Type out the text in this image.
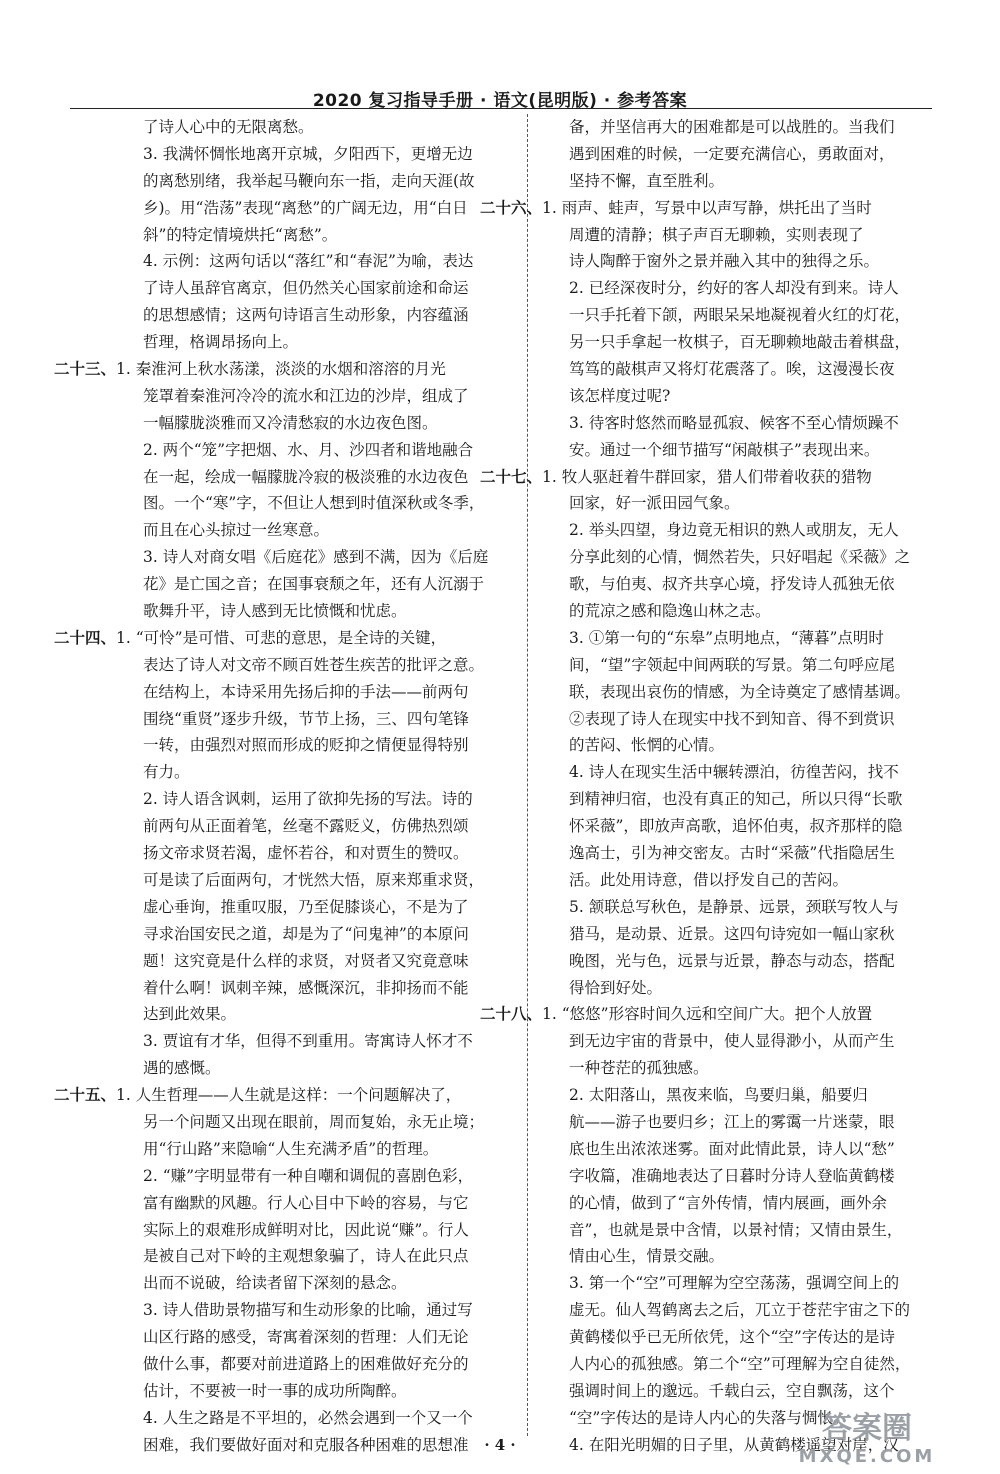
2020 复习指导手册 · 语文(昆明版) · 参考答案
了诗人心中的无限离愁。
3. 我满怀惆怅地离开京城，夕阳西下，更增无边
的离愁别绪，我举起马鞭向东一指，走向天涯(故
乡)。用“浩荡”表现“离愁”的广阔无边，用“白日
斜”的特定情境烘托“离愁”。
4. 示例：这两句话以“落红”和“春泥”为喻，表达
了诗人虽辞官离京，但仍然关心国家前途和命运
的思想感情；这两句诗语言生动形象，内容蕴涵
哲理，格调昂扬向上。
二十三、1. 秦淮河上秋水荡漾，淡淡的水烟和溶溶的月光
笼罩着秦淮河冷冷的流水和江边的沙岸，组成了
一幅朦胧淡雅而又冷清愁寂的水边夜色图。
2. 两个“笼”字把烟、水、月、沙四者和谐地融合
在一起，绘成一幅朦胧冷寂的极淡雅的水边夜色
图。一个“寒”字，不但让人想到时值深秋或冬季，
而且在心头掠过一丝寒意。
3. 诗人对商女唱《后庭花》感到不满，因为《后庭
花》是亡国之音；在国事衰颓之年，还有人沉溺于
歌舞升平，诗人感到无比愤慨和忧虑。
二十四、1. “可怜”是可惜、可悲的意思，是全诗的关键，
表达了诗人对文帝不顾百姓苍生疾苦的批评之意。
在结构上，本诗采用先扬后抑的手法——前两句
围绕“重贤”逐步升级，节节上扬，三、四句笔锋
一转，由强烈对照而形成的贬抑之情便显得特别
有力。
2. 诗人语含讽刺，运用了欲抑先扬的写法。诗的
前两句从正面着笔，丝毫不露贬义，仿佛热烈颂
扬文帝求贤若渴，虚怀若谷，和对贾生的赞叹。
可是读了后面两句，才恍然大悟，原来郑重求贤，
虚心垂询，推重叹服，乃至促膝谈心，不是为了
寻求治国安民之道，却是为了“问鬼神”的本原问
题！这究竟是什么样的求贤，对贤者又究竟意味
着什么啊！讽刺辛辣，感慨深沉，非抑扬而不能
达到此效果。
3. 贾谊有才华，但得不到重用。寄寓诗人怀才不
遇的感慨。
二十五、1. 人生哲理——人生就是这样：一个问题解决了，
另一个问题又出现在眼前，周而复始，永无止境；
用“行山路”来隐喻“人生充满矛盾”的哲理。
2. “赚”字明显带有一种自嘲和调侃的喜剧色彩，
富有幽默的风趣。行人心目中下岭的容易，与它
实际上的艰难形成鲜明对比，因此说“赚”。行人
是被自己对下岭的主观想象骗了，诗人在此只点
出而不说破，给读者留下深刻的悬念。
3. 诗人借助景物描写和生动形象的比喻，通过写
山区行路的感受，寄寓着深刻的哲理：人们无论
做什么事，都要对前进道路上的困难做好充分的
估计，不要被一时一事的成功所陶醉。
4. 人生之路是不平坦的，必然会遇到一个又一个
困难，我们要做好面对和克服各种困难的思想准
备，并坚信再大的困难都是可以战胜的。当我们
遇到困难的时候，一定要充满信心，勇敢面对，
坚持不懈，直至胜利。
二十六、1. 雨声、蛙声，写景中以声写静，烘托出了当时
周遭的清静；棋子声百无聊赖，实则表现了
诗人陶醉于窗外之景并融入其中的独得之乐。
2. 已经深夜时分，约好的客人却没有到来。诗人
一只手托着下颌，两眼呆呆地凝视着火红的灯花，
另一只手拿起一枚棋子，百无聊赖地敲击着棋盘，
笃笃的敲棋声又将灯花震落了。唉，这漫漫长夜
该怎样度过呢?
3. 待客时悠然而略显孤寂、候客不至心情烦躁不
安。通过一个细节描写“闲敲棋子”表现出来。
二十七、1. 牧人驱赶着牛群回家，猎人们带着收获的猎物
回家，好一派田园气象。
2. 举头四望，身边竟无相识的熟人或朋友，无人
分享此刻的心情，惆然若失，只好唱起《采薇》之
歌，与伯夷、叔齐共享心境，抒发诗人孤独无依
的荒凉之感和隐逸山林之志。
3. ①第一句的“东皋”点明地点，“薄暮”点明时
间，“望”字领起中间两联的写景。第二句呼应尾
联，表现出哀伤的情感，为全诗奠定了感情基调。
②表现了诗人在现实中找不到知音、得不到赏识
的苦闷、怅惘的心情。
4. 诗人在现实生活中辗转漂泊，彷徨苦闷，找不
到精神归宿，也没有真正的知己，所以只得“长歌
怀采薇”，即放声高歌，追怀伯夷，叔齐那样的隐
逸高士，引为神交密友。古时“采薇”代指隐居生
活。此处用诗意，借以抒发自己的苦闷。
5. 颔联总写秋色，是静景、远景，颈联写牧人与
猎马，是动景、近景。这四句诗宛如一幅山家秋
晚图，光与色，远景与近景，静态与动态，搭配
得恰到好处。
二十八、1. “悠悠”形容时间久远和空间广大。把个人放置
到无边宇宙的背景中，使人显得渺小，从而产生
一种苍茫的孤独感。
2. 太阳落山，黑夜来临，鸟要归巢，船要归
航——游子也要归乡；江上的雾霭一片迷蒙，眼
底也生出浓浓迷雾。面对此情此景，诗人以“愁”
字收篇，准确地表达了日暮时分诗人登临黄鹤楼
的心情，做到了“言外传情，情内展画，画外余
音”，也就是景中含情，以景衬情；又情由景生，
情由心生，情景交融。
3. 第一个“空”可理解为空空荡荡，强调空间上的
虚无。仙人驾鹤离去之后，兀立于苍茫宇宙之下的
黄鹤楼似乎已无所依凭，这个“空”字传达的是诗
人内心的孤独感。第二个“空”可理解为空自徒然，
强调时间上的邈远。千载白云，空自飘荡，这个
“空”字传达的是诗人内心的失落与惆怅。
4. 在阳光明媚的日子里，从黄鹤楼遥望对岸，汉
· 4 ·	答案圈
MXQE.COM
